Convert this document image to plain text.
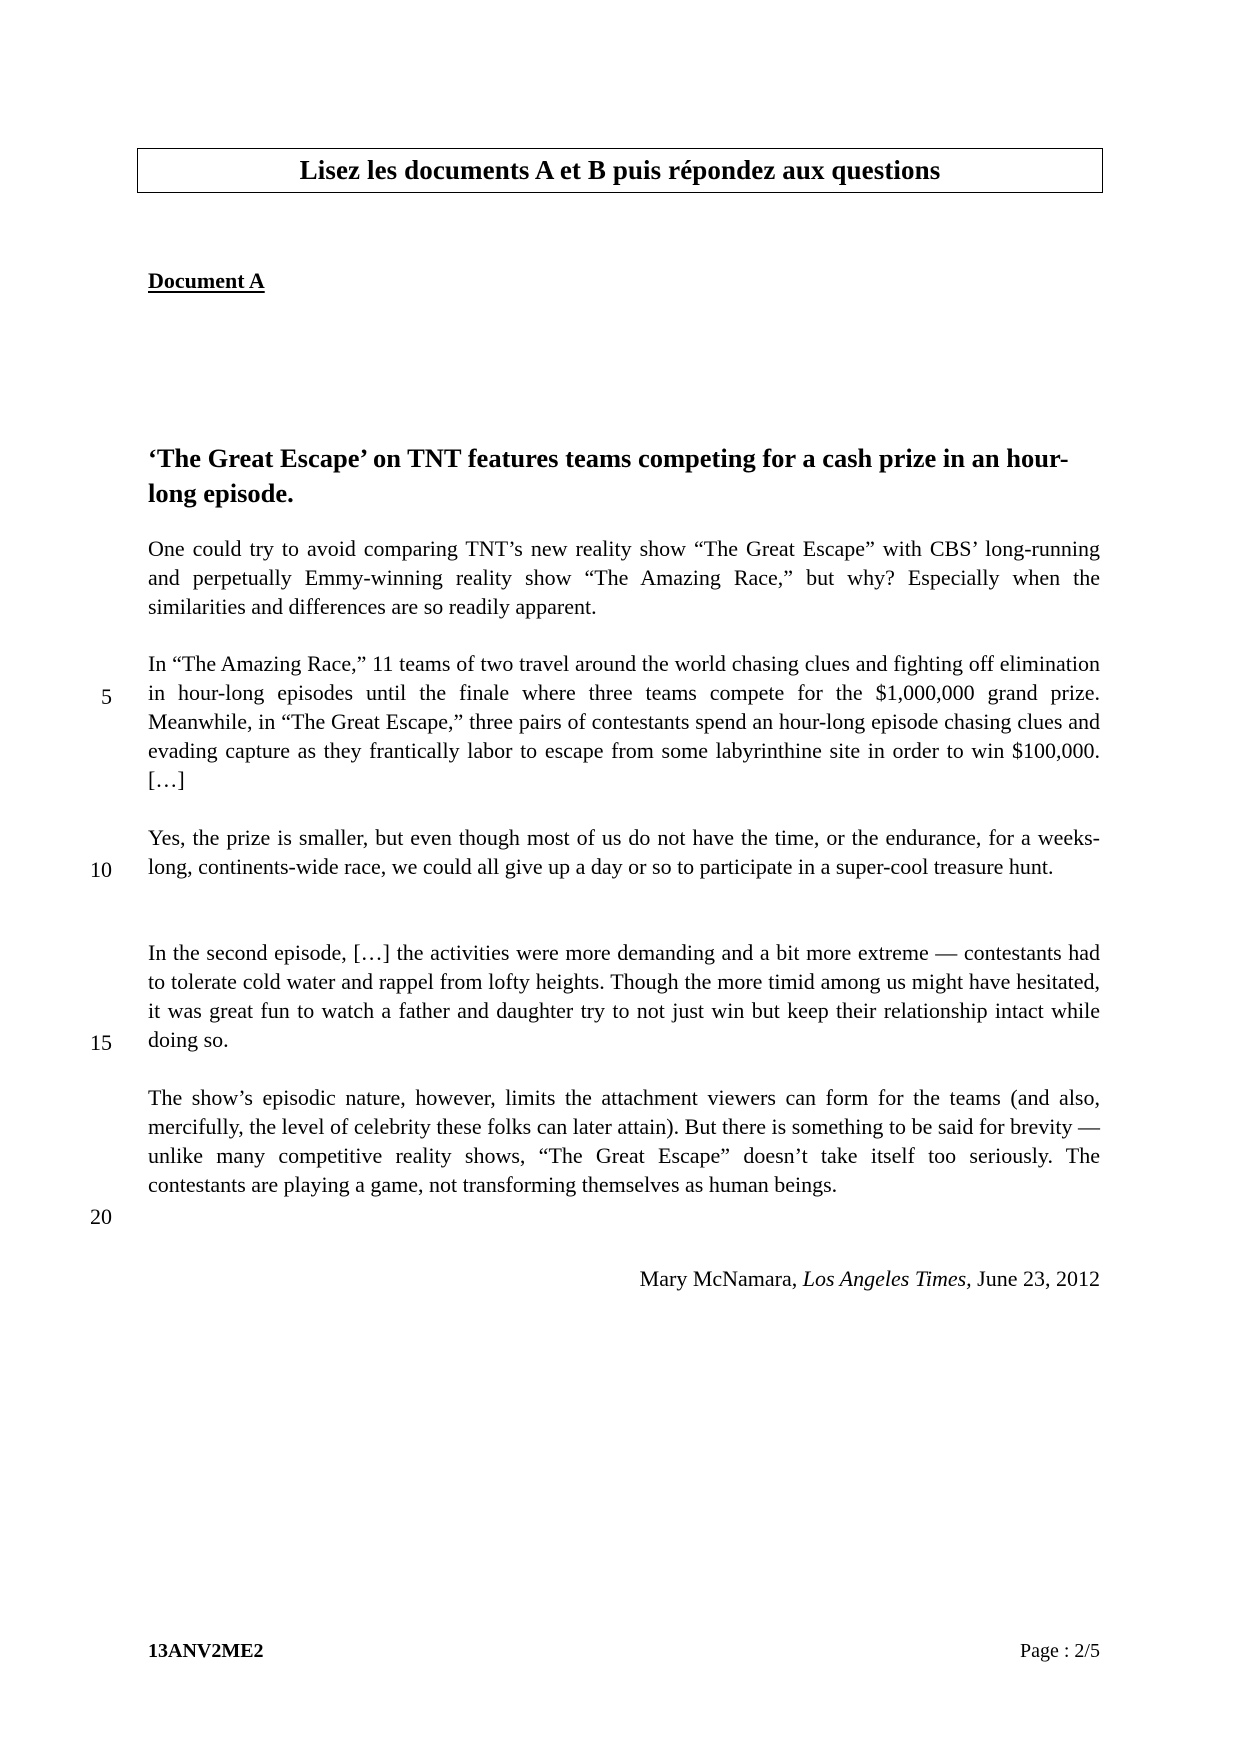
Lisez les documents A et B puis répondez aux questions
Document A
‘The Great Escape’ on TNT features teams competing for a cash prize in an hour-long episode.

One could try to avoid comparing TNT’s new reality show “The Great Escape” with CBS’ long-running and perpetually Emmy-winning reality show “The Amazing Race,” but why? Especially when the similarities and differences are so readily apparent.

In “The Amazing Race,” 11 teams of two travel around the world chasing clues and fighting off elimination in hour-long episodes until the finale where three teams compete for the $1,000,000 grand prize. Meanwhile, in “The Great Escape,” three pairs of contestants spend an hour-long episode chasing clues and evading capture as they frantically labor to escape from some labyrinthine site in order to win $100,000. […]

Yes, the prize is smaller, but even though most of us do not have the time, or the endurance, for a weeks-long, continents-wide race, we could all give up a day or so to participate in a super-cool treasure hunt.

In the second episode, […] the activities were more demanding and a bit more extreme — contestants had to tolerate cold water and rappel from lofty heights. Though the more timid among us might have hesitated, it was great fun to watch a father and daughter try to not just win but keep their relationship intact while doing so.

The show’s episodic nature, however, limits the attachment viewers can form for the teams (and also, mercifully, the level of celebrity these folks can later attain). But there is something to be said for brevity — unlike many competitive reality shows, “The Great Escape” doesn’t take itself too seriously. The contestants are playing a game, not transforming themselves as human beings.

5
10
15
20
Mary McNamara, Los Angeles Times, June 23, 2012
13ANV2ME2	Page : 2/5
